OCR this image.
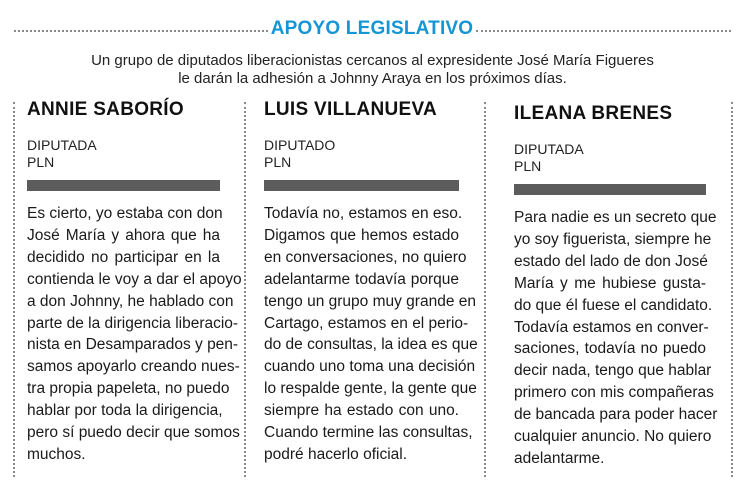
APOYO LEGISLATIVO
Un grupo de diputados liberacionistas cercanos al expresidente José María Figueres
le darán la adhesión a Johnny Araya en los próximos días.
ANNIE SABORÍO
DIPUTADA
PLN
Es cierto, yo estaba con don
José María y ahora que ha
decidido no participar en la
contienda le voy a dar el apoyo
a don Johnny, he hablado con
parte de la dirigencia liberacio-
nista en Desamparados y pen-
samos apoyarlo creando nues-
tra propia papeleta, no puedo
hablar por toda la dirigencia,
pero sí puedo decir que somos
muchos.
LUIS VILLANUEVA
DIPUTADO
PLN
Todavía no, estamos en eso.
Digamos que hemos estado
en conversaciones, no quiero
adelantarme todavía porque
tengo un grupo muy grande en
Cartago, estamos en el perio-
do de consultas, la idea es que
cuando uno toma una decisión
lo respalde gente, la gente que
siempre ha estado con uno.
Cuando termine las consultas,
podré hacerlo oficial.
ILEANA BRENES
DIPUTADA
PLN
Para nadie es un secreto que
yo soy figuerista, siempre he
estado del lado de don José
María y me hubiese gusta-
do que él fuese el candidato.
Todavía estamos en conver-
saciones, todavía no puedo
decir nada, tengo que hablar
primero con mis compañeras
de bancada para poder hacer
cualquier anuncio. No quiero
adelantarme.
